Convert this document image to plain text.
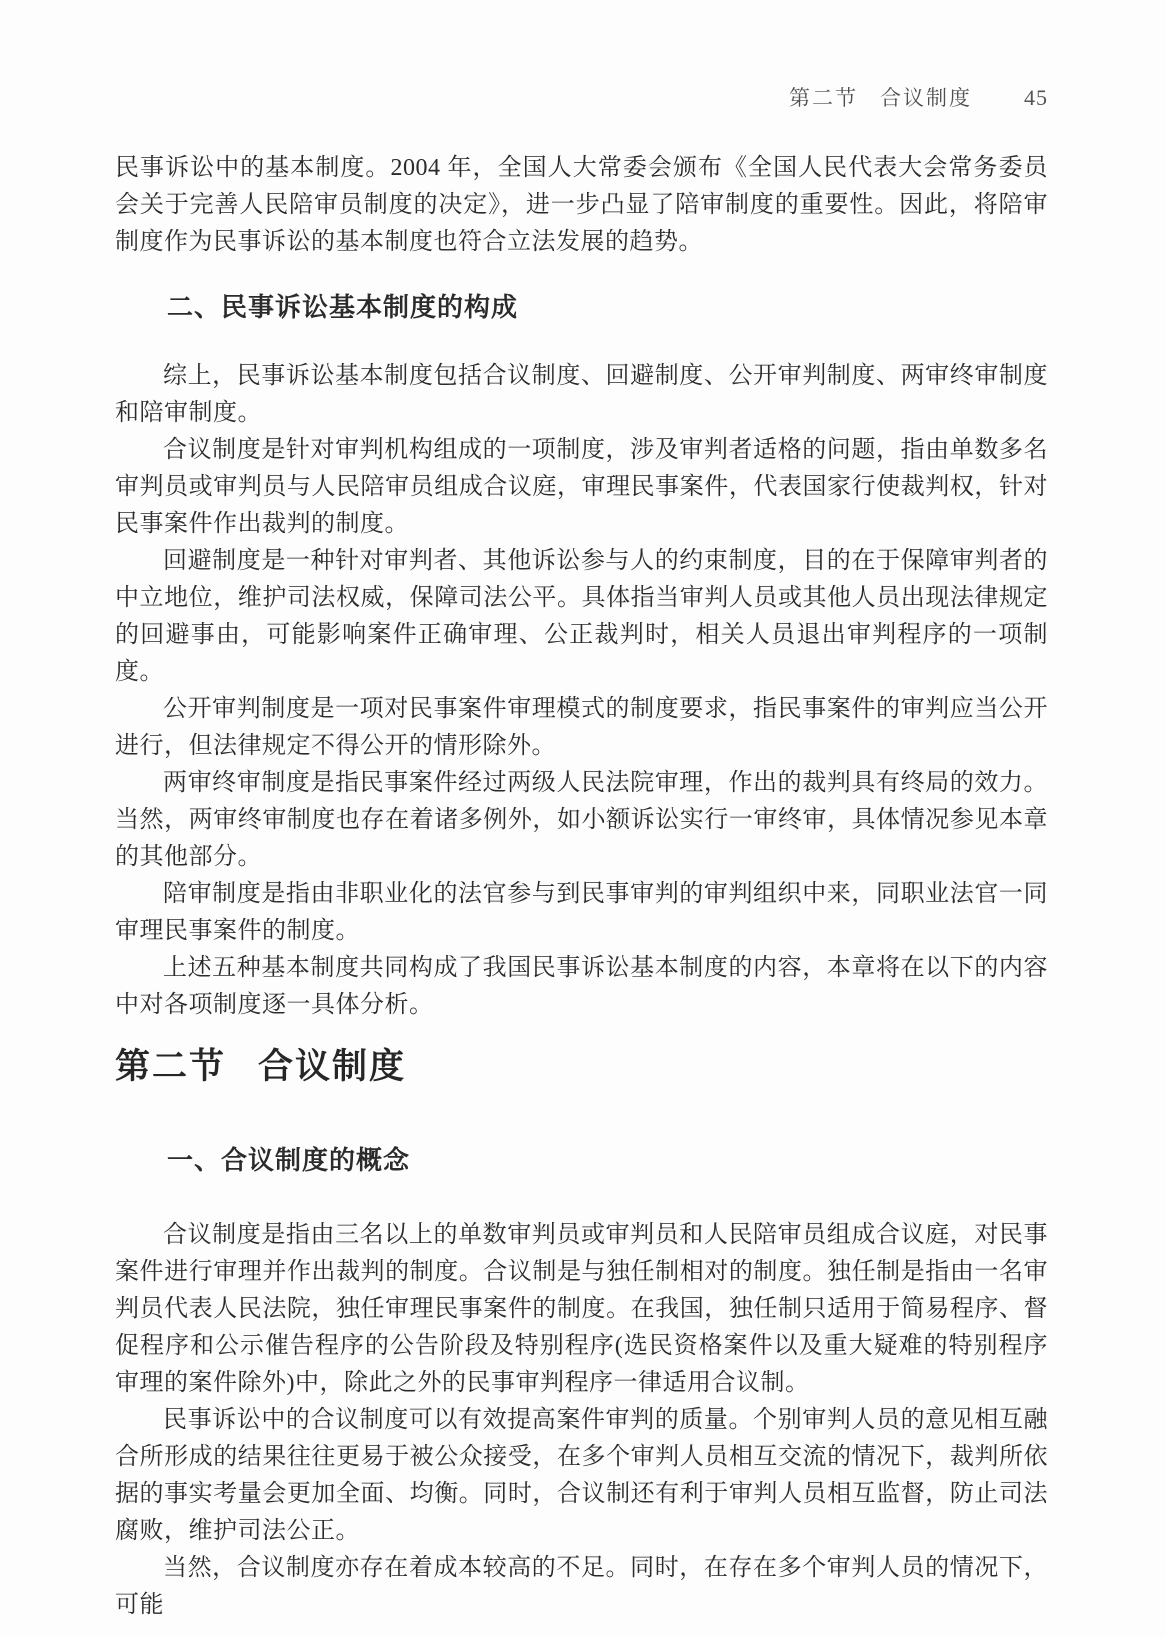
第二节 合议制度 45

民事诉讼中的基本制度。2004 年，全国人大常委会颁布《全国人民代表大会常务委员会关于完善人民陪审员制度的决定》，进一步凸显了陪审制度的重要性。因此，将陪审制度作为民事诉讼的基本制度也符合立法发展的趋势。

二、民事诉讼基本制度的构成

综上，民事诉讼基本制度包括合议制度、回避制度、公开审判制度、两审终审制度和陪审制度。

合议制度是针对审判机构组成的一项制度，涉及审判者适格的问题，指由单数多名审判员或审判员与人民陪审员组成合议庭，审理民事案件，代表国家行使裁判权，针对民事案件作出裁判的制度。

回避制度是一种针对审判者、其他诉讼参与人的约束制度，目的在于保障审判者的中立地位，维护司法权威，保障司法公平。具体指当审判人员或其他人员出现法律规定的回避事由，可能影响案件正确审理、公正裁判时，相关人员退出审判程序的一项制度。

公开审判制度是一项对民事案件审理模式的制度要求，指民事案件的审判应当公开进行，但法律规定不得公开的情形除外。

两审终审制度是指民事案件经过两级人民法院审理，作出的裁判具有终局的效力。当然，两审终审制度也存在着诸多例外，如小额诉讼实行一审终审，具体情况参见本章的其他部分。

陪审制度是指由非职业化的法官参与到民事审判的审判组织中来，同职业法官一同审理民事案件的制度。

上述五种基本制度共同构成了我国民事诉讼基本制度的内容，本章将在以下的内容中对各项制度逐一具体分析。

第二节 合议制度
一、合议制度的概念

合议制度是指由三名以上的单数审判员或审判员和人民陪审员组成合议庭，对民事案件进行审理并作出裁判的制度。合议制是与独任制相对的制度。独任制是指由一名审判员代表人民法院，独任审理民事案件的制度。在我国，独任制只适用于简易程序、督促程序和公示催告程序的公告阶段及特别程序(选民资格案件以及重大疑难的特别程序审理的案件除外)中，除此之外的民事审判程序一律适用合议制。

民事诉讼中的合议制度可以有效提高案件审判的质量。个别审判人员的意见相互融合所形成的结果往往更易于被公众接受，在多个审判人员相互交流的情况下，裁判所依据的事实考量会更加全面、均衡。同时，合议制还有利于审判人员相互监督，防止司法腐败，维护司法公正。

当然，合议制度亦存在着成本较高的不足。同时，在存在多个审判人员的情况下，可能
